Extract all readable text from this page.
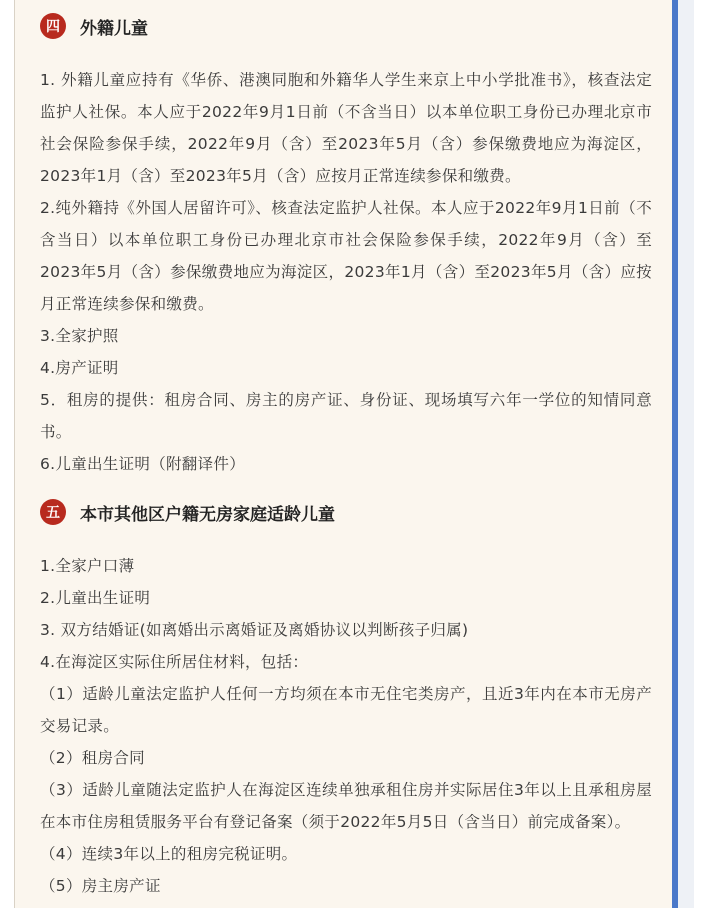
四	外籍儿童

1. 外籍儿童应持有《华侨、港澳同胞和外籍华人学生来京上中小学批准书》，核查法定监护人社保。本人应于2022年9月1日前（不含当日）以本单位职工身份已办理北京市社会保险参保手续，2022年9月（含）至2023年5月（含）参保缴费地应为海淀区，2023年1月（含）至2023年5月（含）应按月正常连续参保和缴费。

2.纯外籍持《外国人居留许可》、核查法定监护人社保。本人应于2022年9月1日前（不含当日）以本单位职工身份已办理北京市社会保险参保手续，2022年9月（含）至2023年5月（含）参保缴费地应为海淀区，2023年1月（含）至2023年5月（含）应按月正常连续参保和缴费。

3.全家护照

4.房产证明

5．租房的提供：租房合同、房主的房产证、身份证、现场填写六年一学位的知情同意书。

6.儿童出生证明（附翻译件）

五	本市其他区户籍无房家庭适龄儿童

1.全家户口薄

2.儿童出生证明

3. 双方结婚证(如离婚出示离婚证及离婚协议以判断孩子归属)

4.在海淀区实际住所居住材料，包括：

（1）适龄儿童法定监护人任何一方均须在本市无住宅类房产，且近3年内在本市无房产交易记录。

（2）租房合同

（3）适龄儿童随法定监护人在海淀区连续单独承租住房并实际居住3年以上且承租房屋在本市住房租赁服务平台有登记备案（须于2022年5月5日（含当日）前完成备案）。

（4）连续3年以上的租房完税证明。

（5）房主房产证
